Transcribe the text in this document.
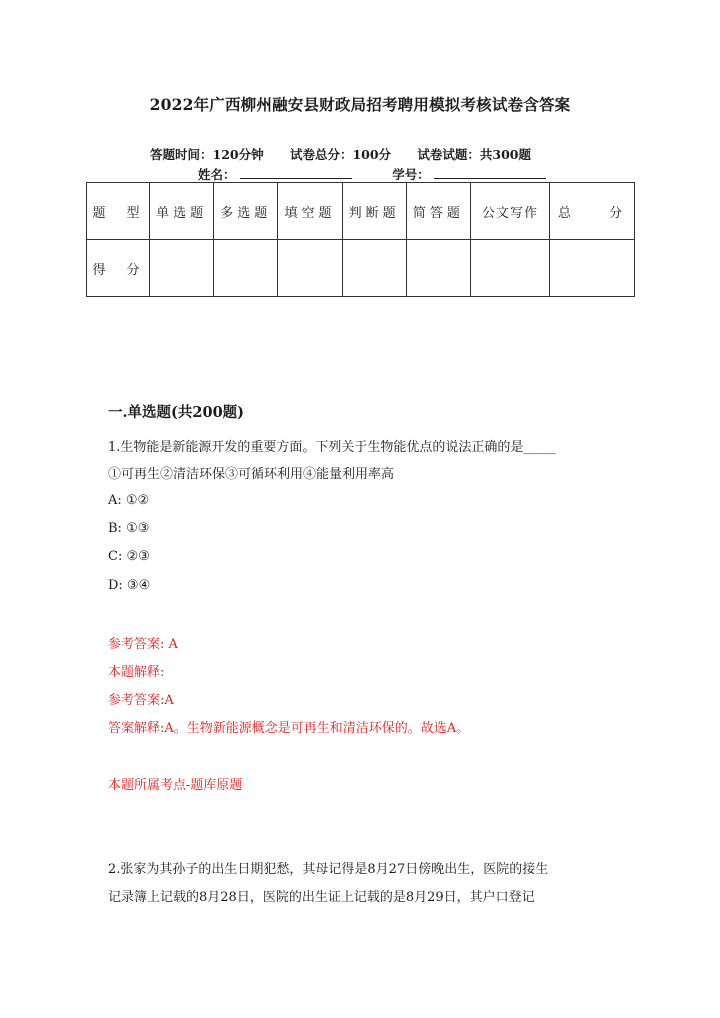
2022年广西柳州融安县财政局招考聘用模拟考核试卷含答案
答题时间：120分钟 试卷总分：100分 试卷试题：共300题
姓名：	学号：
题　型	单选题	多选题	填空题	判断题	简答题	公文写作	总　　分
得　分							
一.单选题(共200题)
1.生物能是新能源开发的重要方面。下列关于生物能优点的说法正确的是_____
①可再生②清洁环保③可循环利用④能量利用率高
A: ①②
B: ①③
C: ②③
D: ③④
参考答案: A
本题解释:
参考答案:A
答案解释:A。生物新能源概念是可再生和清洁环保的。故选A。
本题所属考点-题库原题
2.张家为其孙子的出生日期犯愁，其母记得是8月27日傍晚出生，医院的接生
记录簿上记载的8月28日，医院的出生证上记载的是8月29日，其户口登记
